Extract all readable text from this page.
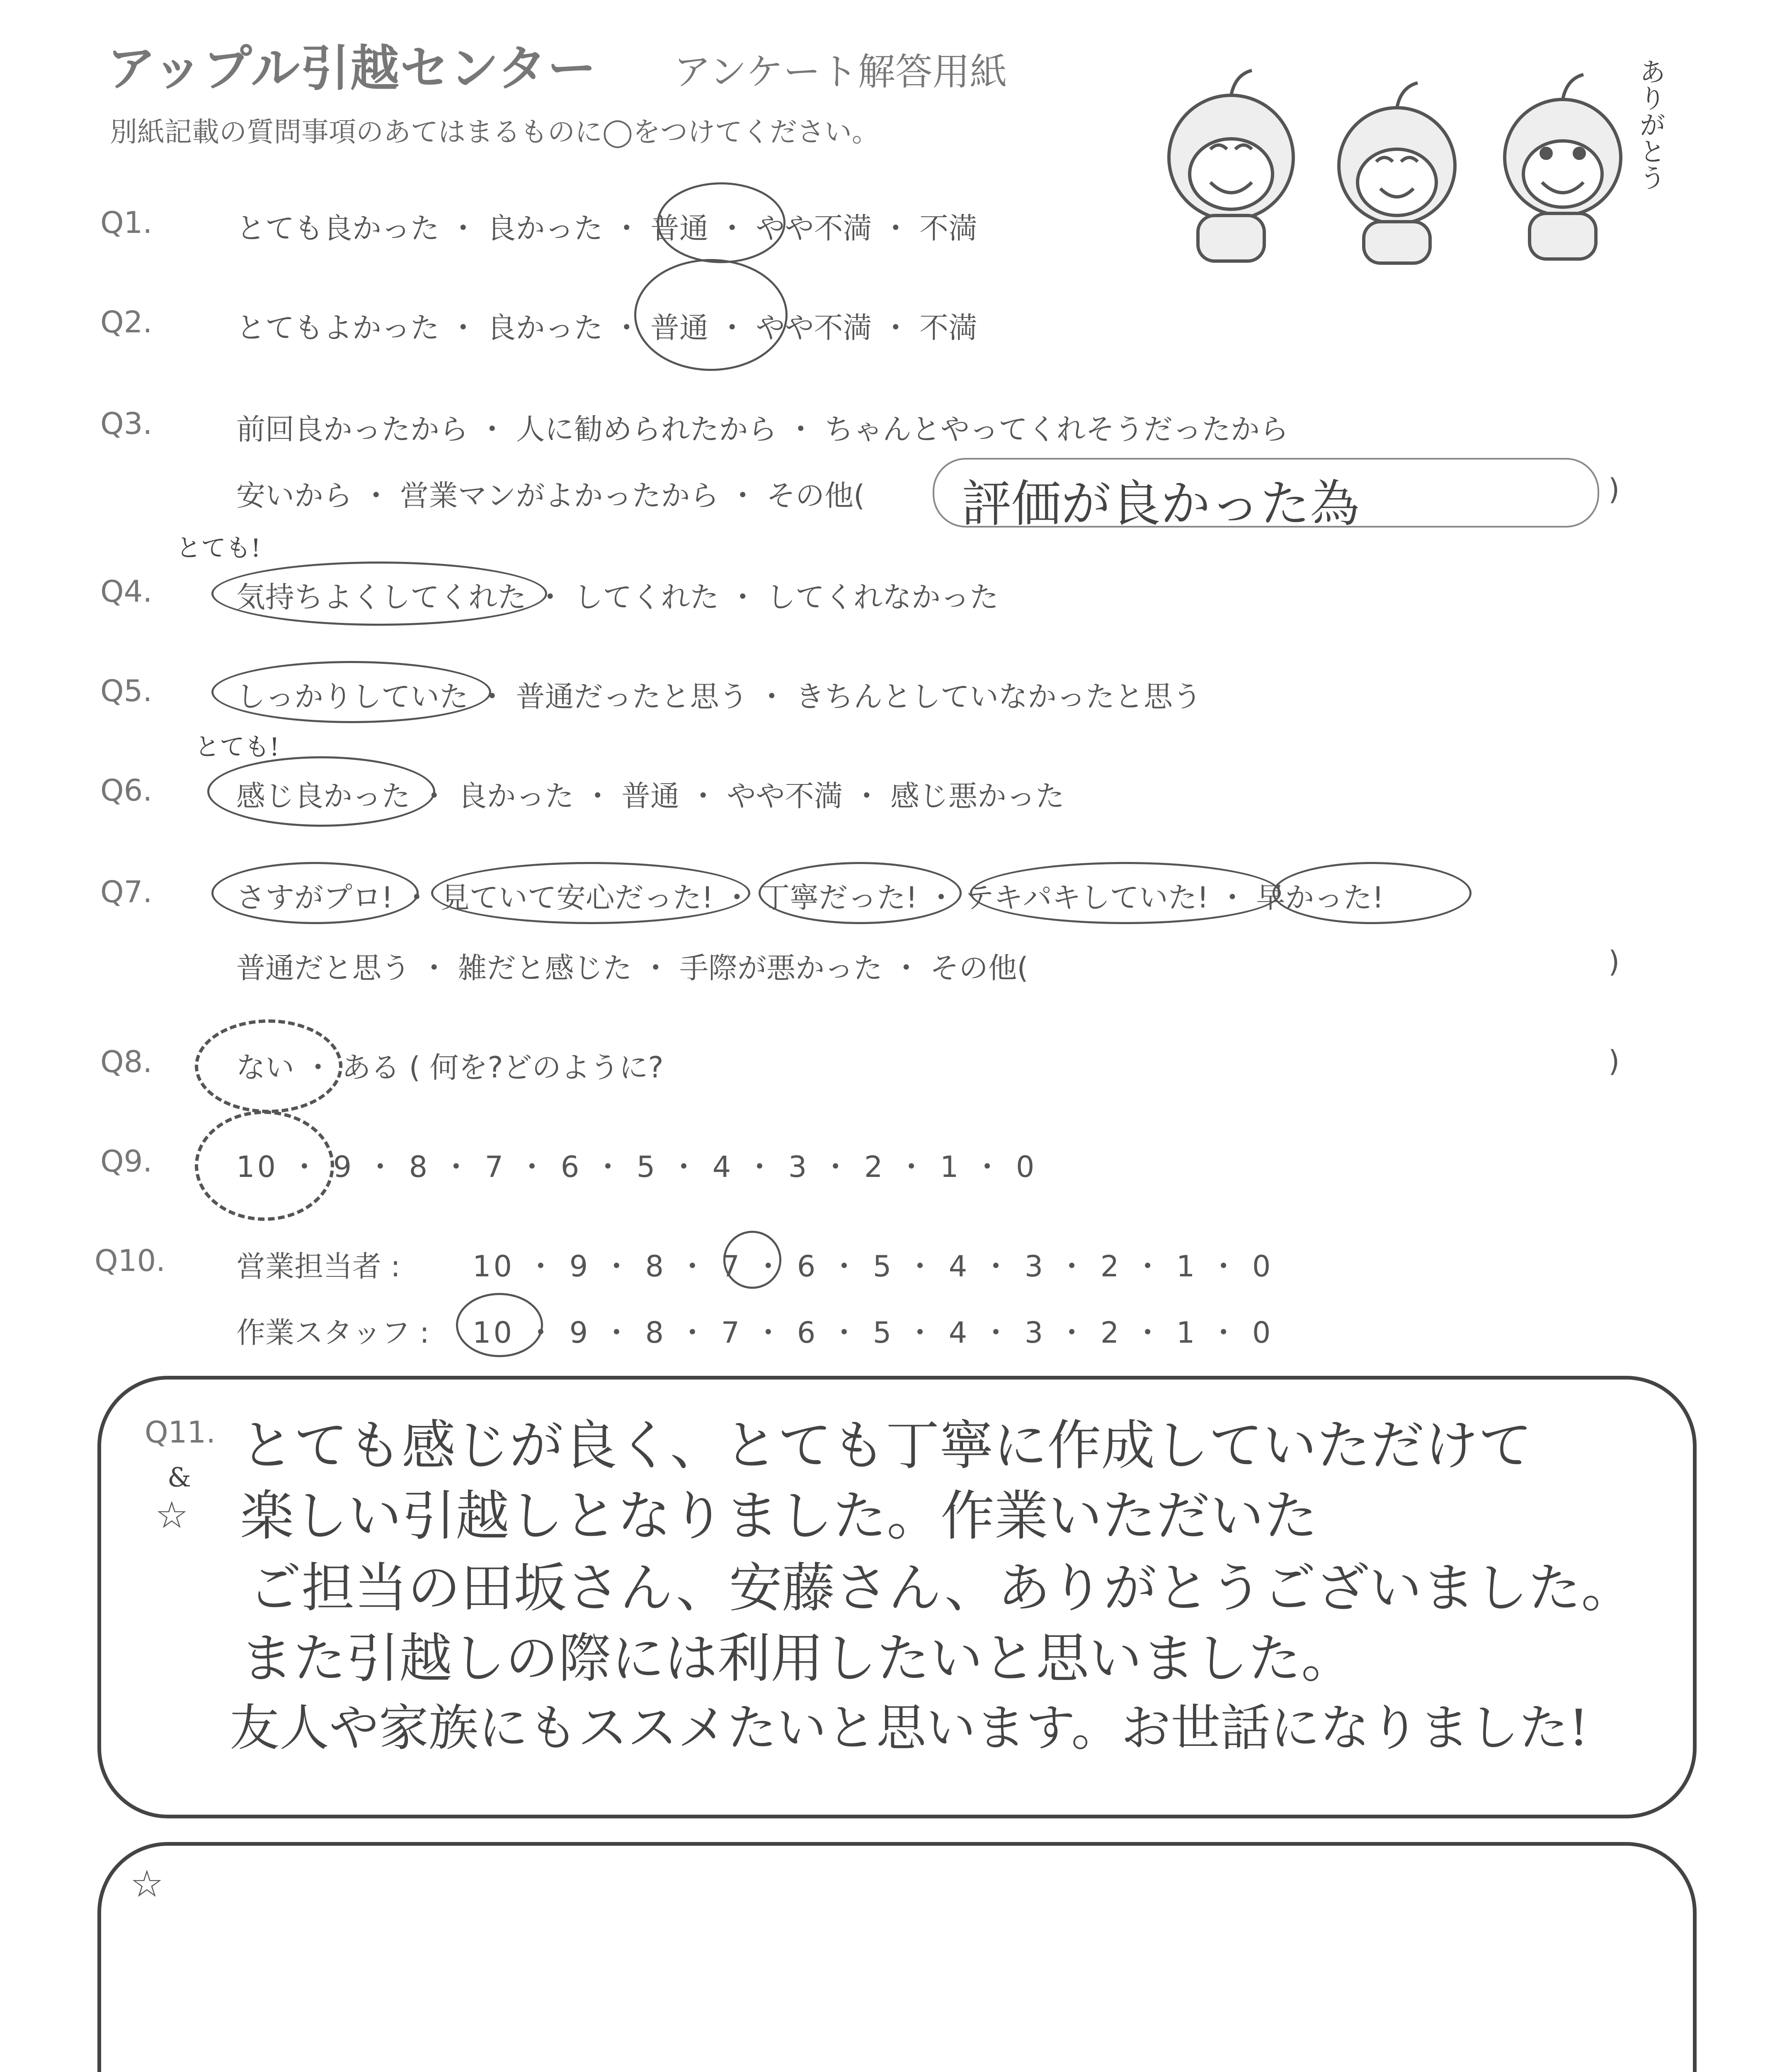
アップル引越センター アンケート解答用紙
別紙記載の質問事項のあてはまるものに◯をつけてください。	ありがとう
Q1.	とても良かった ・ 良かった ・ 普通 ・ やや不満 ・ 不満
Q2.	とてもよかった ・ 良かった ・ 普通 ・ やや不満 ・ 不満
Q3.	前回良かったから ・ 人に勧められたから ・ ちゃんとやってくれそうだったから
安いから ・ 営業マンがよかったから ・ その他( 評価が良かった為	)
とても!
Q4.	気持ちよくしてくれた ・ してくれた ・ してくれなかった
Q5.	しっかりしていた ・ 普通だったと思う ・ きちんとしていなかったと思う
とても!
Q6.	感じ良かった ・ 良かった ・ 普通 ・ やや不満 ・ 感じ悪かった
Q7.	さすがプロ! ・ 見ていて安心だった! ・ 丁寧だった! ・ テキパキしていた! ・ 早かった!
普通だと思う ・ 雑だと感じた ・ 手際が悪かった ・ その他(	)
Q8.	ない ・ ある ( 何を?どのように?	)
Q9.	10 ・ 9 ・ 8 ・ 7 ・ 6 ・ 5 ・ 4 ・ 3 ・ 2 ・ 1 ・ 0
Q10. 営業担当者 : 10 ・ 9 ・ 8 ・ 7 ・ 6 ・ 5 ・ 4 ・ 3 ・ 2 ・ 1 ・ 0
作業スタッフ : 10 ・ 9 ・ 8 ・ 7 ・ 6 ・ 5 ・ 4 ・ 3 ・ 2 ・ 1 ・ 0
Q11.
&
☆
とても感じが良く、とても丁寧に作成していただけて
楽しい引越しとなりました。作業いただいた
ご担当の田坂さん、安藤さん、ありがとうございました。
また引越しの際には利用したいと思いました。
友人や家族にもススメたいと思います。お世話になりました!
☆
